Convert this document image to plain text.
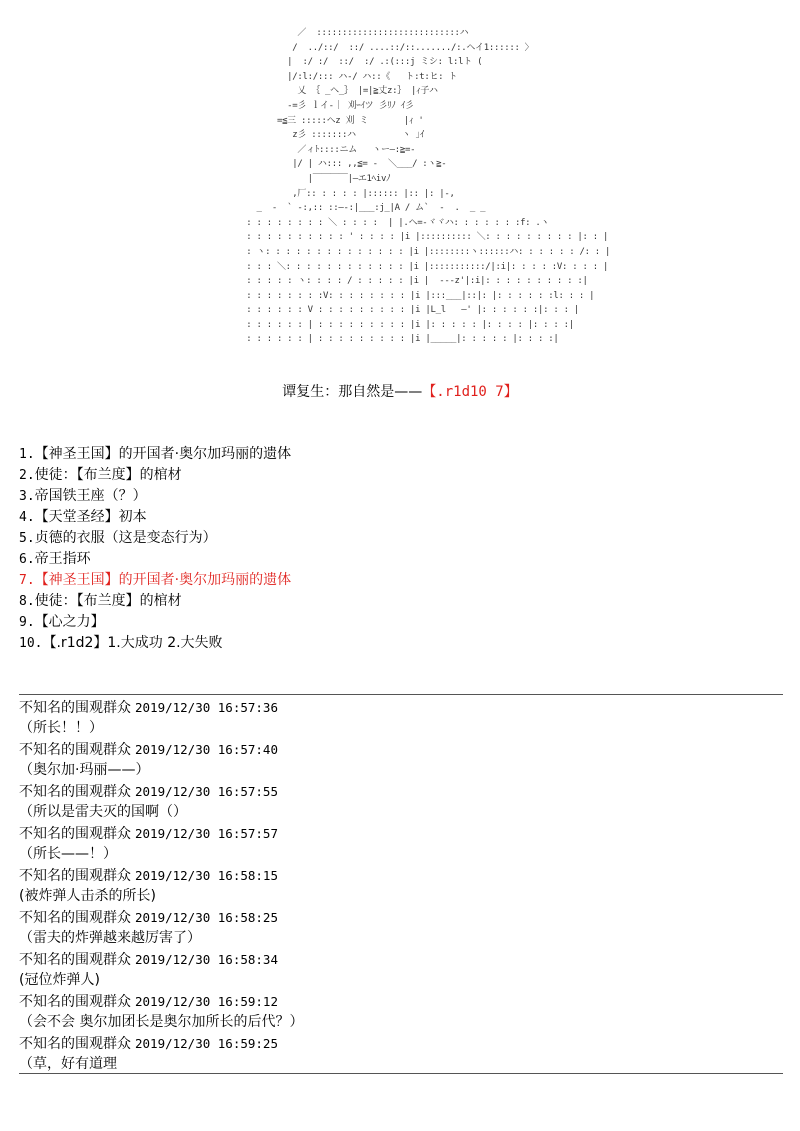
／  ::::::::::::::::::::::::::::ハ
/  ../::/  ::/ ....::/::......./:.ヘイ1:::::: 〉
|  :/ :/  ::/  :/ .:(:::j ミシ: l:lト (
|/:l:/::: ハ-/ ハ::《   ト:t:ヒ: ト
乂 ｛ _ヘ_｝ |=|≧丈z:｝ |ｨ子ハ
-=彡 ｌイ-｜ 刈ｰｲツ 彡ﾘﾉ ｲ彡
=≦三 :::::ヘz 刈 ミ       |ｨ '
z彡 :::::::ハ         ヽ ｣ｲ
／ィﾄ::::ニム   ヽー―:≧=-
|/ | ハ::: ,,≦= -  ＼___/ :ヽ≧-
|￣￣￣￣|―エ1ﾍivﾉ
,厂:: : : : : |:::::: |:: |: |-,
_  -  ` -:,:: ::―-:|___:j_|A / ム`  -  .  _ _
: : : : : : : : ＼ : : : :  | |.ヘ=-ヾヾハ: : : : : : :f: .ヽ
: : : : : : : : : : ' : : : : |i |:::::::::: ＼: : : : : : : : : |: : |
: ヽ: : : : : : : : : : : : : : |i |::::::::ヽ::::::ハ: : : : : : /: : |
: : : ＼: : : : : : : : : : : : |i |:::::::::::/|:i|: : : : :V: : : : |
: : : : : ヽ: : : : / : : : : : |i |  ---z'|:i|: : : : : : : : : :|
: : : : : : : :V: : : : : : : : |i |:::___|::|: |: : : : : :l: : : |
: : : : : : V : : : : : : : : : |i |L_l   ―' |: : : : : :|: : : |
: : : : : : | : : : : : : : : : |i |: : : : : |: : : : |: : : :|
: : : : : : | : : : : : : : : : |i |_____|: : : : : |: : : :|
谭复生：那自然是——【.r1d10 7】
1.【神圣王国】的开国者·奥尔加玛丽的遗体
2.使徒：【布兰度】的棺材
3.帝国铁王座（？）
4.【天堂圣经】初本
5.贞德的衣服（这是变态行为）
6.帝王指环
7.【神圣王国】的开国者·奥尔加玛丽的遗体
8.使徒：【布兰度】的棺材
9.【心之力】
10.【.r1d2】1.大成功 2.大失败
不知名的围观群众 2019/12/30 16:57:36
（所长！！）
不知名的围观群众 2019/12/30 16:57:40
（奥尔加·玛丽——）
不知名的围观群众 2019/12/30 16:57:55
（所以是雷夫灭的国啊（）
不知名的围观群众 2019/12/30 16:57:57
（所长——！）
不知名的围观群众 2019/12/30 16:58:15
(被炸弹人击杀的所长)
不知名的围观群众 2019/12/30 16:58:25
（雷夫的炸弹越来越厉害了）
不知名的围观群众 2019/12/30 16:58:34
(冠位炸弹人)
不知名的围观群众 2019/12/30 16:59:12
（会不会 奥尔加团长是奥尔加所长的后代？）
不知名的围观群众 2019/12/30 16:59:25
（草，好有道理
